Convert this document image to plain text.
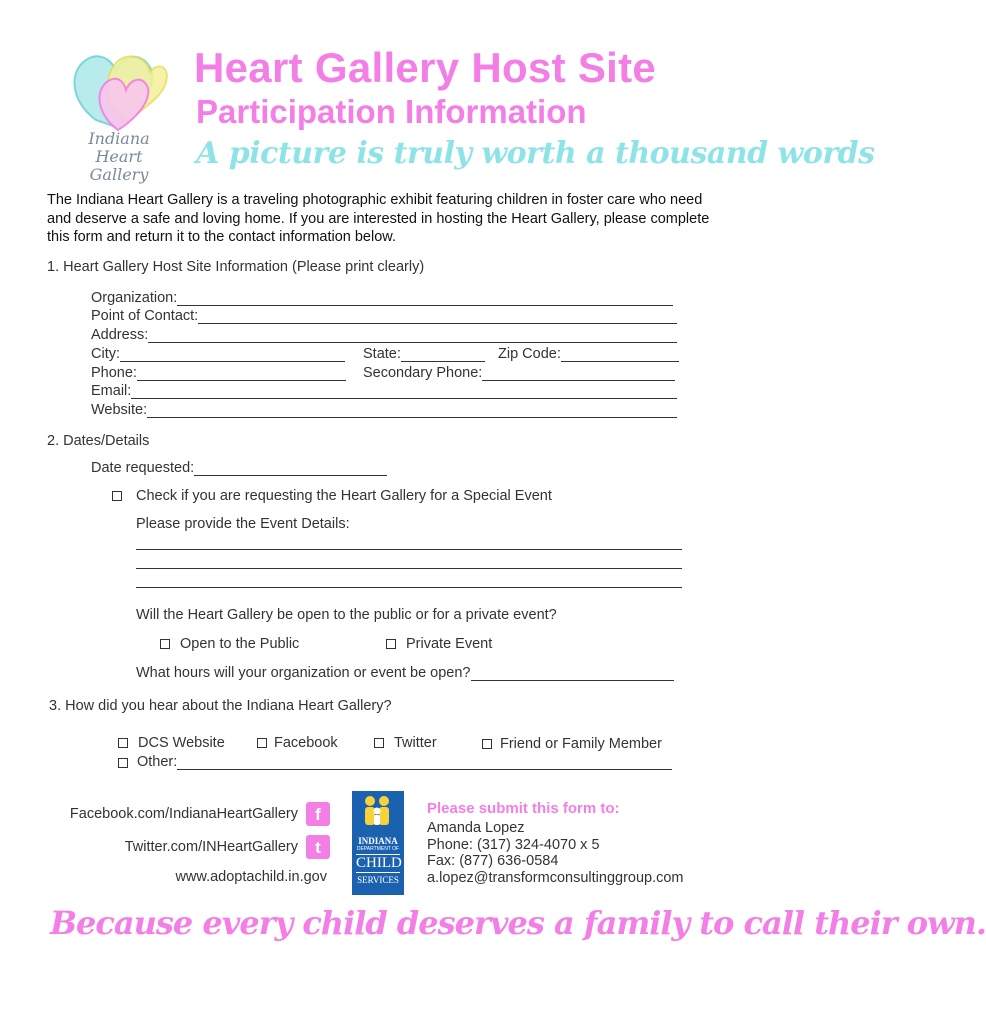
Indiana
Heart Gallery
Heart Gallery Host Site
Participation Information
A picture is truly worth a thousand words
The Indiana Heart Gallery is a traveling photographic exhibit featuring children in foster care who need and deserve a safe and loving home. If you are interested in hosting the Heart Gallery, please complete this form and return it to the contact information below.
1. Heart Gallery Host Site Information (Please print clearly)
Organization:
Point of Contact:
Address:
City:	State:	Zip Code:
Phone:	Secondary Phone:
Email:
Website:
2. Dates/Details
Date requested:
Check if you are requesting the Heart Gallery for a Special Event
Please provide the Event Details:
Will the Heart Gallery be open to the public or for a private event?
Open to the Public	Private Event
What hours will your organization or event be open?
3. How did you hear about the Indiana Heart Gallery?
DCS Website	Facebook	Twitter	Friend or Family Member
Other:
Facebook.com/IndianaHeartGallery	f
Twitter.com/INHeartGallery	t
www.adoptachild.in.gov
INDIANA
DEPARTMENT OF
CHILD
SERVICES
Please submit this form to:
Amanda Lopez
Phone: (317) 324-4070 x 5
Fax: (877) 636-0584
a.lopez@transformconsultinggroup.com
Because every child deserves a family to call their own.
